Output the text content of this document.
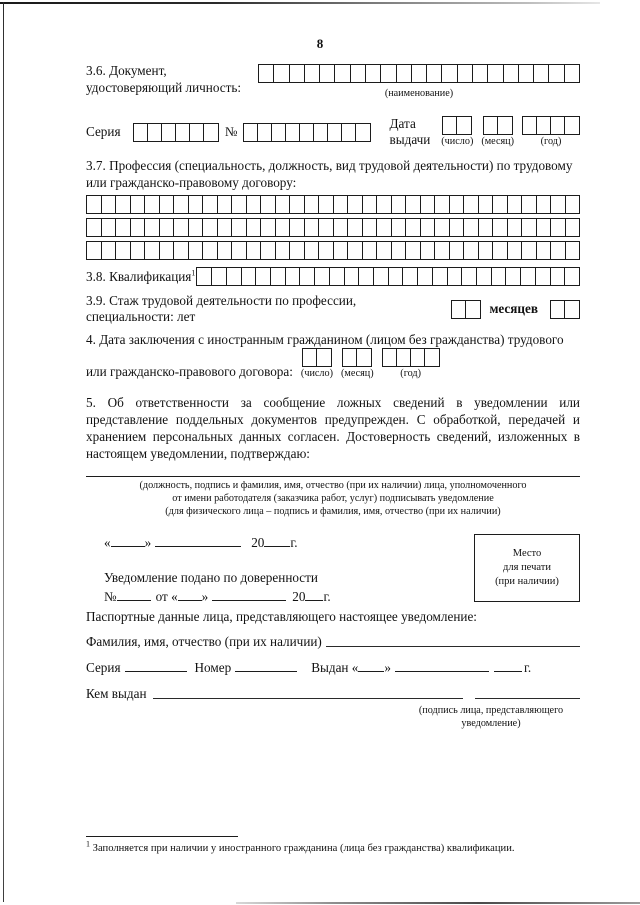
8
3.6. Документ,
удостоверяющий личность:	(наименование)
Серия	№
Дата выдачи	(число) (месяц)	(год)
3.7. Профессия (специальность, должность, вид трудовой деятельности) по трудовому
или гражданско-правовому договору:
3.8. Квалификация$^1$
3.9. Стаж трудовой деятельности по профессии, специальности: лет
месяцев
4. Дата заключения с иностранным гражданином (лицом без гражданства) трудового
или гражданско-правового договора: (число) (месяц)	(год)
5. Об ответственности за сообщение ложных сведений в уведомлении или представление поддельных документов предупрежден. С обработкой, передачей и хранением персональных данных согласен. Достоверность сведений, изложенных в настоящем уведомлении, подтверждаю:
(должность, подпись и фамилия, имя, отчество (при их наличии) лица, уполномоченного
от имени работодателя (заказчика работ, услуг) подписывать уведомление
(для физического лица – подпись и фамилия, имя, отчество (при их наличии)
«	»	20 г.
Уведомление подано по доверенности
№	от « »	20 г.
Место
для печати
(при наличии)
Паспортные данные лица, представляющего настоящее уведомление:
Фамилия, имя, отчество (при их наличии)
Серия	Номер	Выдан « »	г.
Кем выдан
(подпись лица, представляющего
уведомление)
$^1$ Заполняется при наличии у иностранного гражданина (лица без гражданства) квалификации.
